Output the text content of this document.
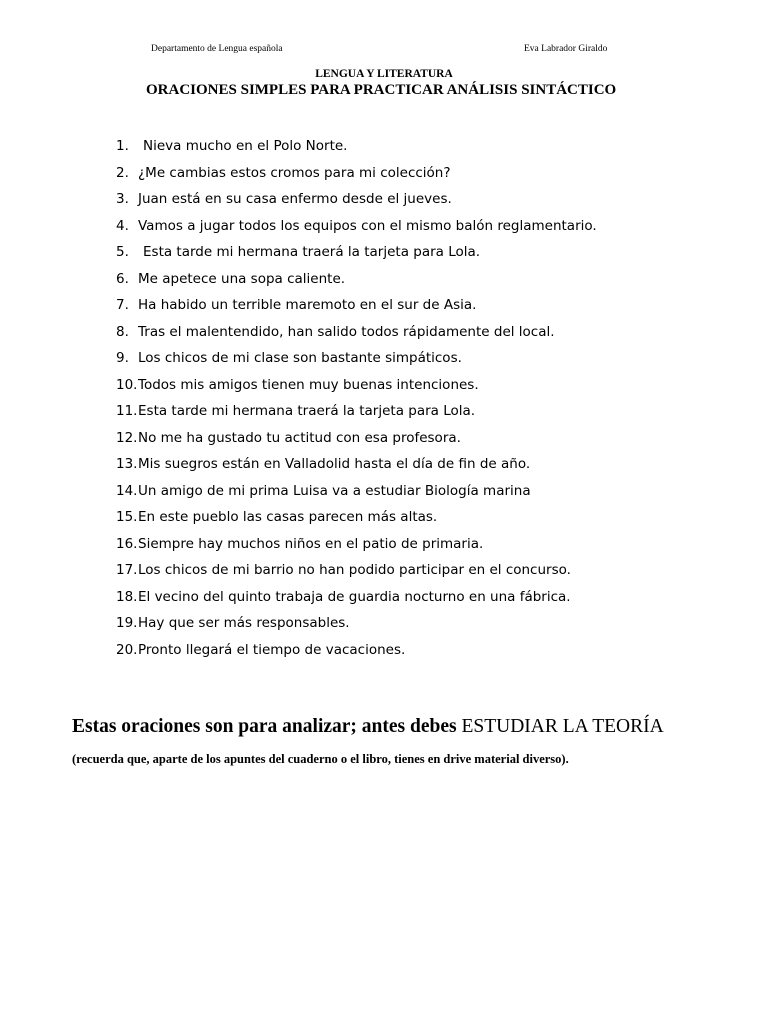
Departamento de Lengua española	Eva Labrador Giraldo
LENGUA Y LITERATURA
ORACIONES SIMPLES PARA PRACTICAR ANÁLISIS SINTÁCTICO
1. Nieva mucho en el Polo Norte.
2. ¿Me cambias estos cromos para mi colección?
3. Juan está en su casa enfermo desde el jueves.
4. Vamos a jugar todos los equipos con el mismo balón reglamentario.
5. Esta tarde mi hermana traerá la tarjeta para Lola.
6. Me apetece una sopa caliente.
7. Ha habido un terrible maremoto en el sur de Asia.
8. Tras el malentendido, han salido todos rápidamente del local.
9. Los chicos de mi clase son bastante simpáticos.
10. Todos mis amigos tienen muy buenas intenciones.
11. Esta tarde mi hermana traerá la tarjeta para Lola.
12. No me ha gustado tu actitud con esa profesora.
13. Mis suegros están en Valladolid hasta el día de fin de año.
14. Un amigo de mi prima Luisa va a estudiar Biología marina
15. En este pueblo las casas parecen más altas.
16. Siempre hay muchos niños en el patio de primaria.
17. Los chicos de mi barrio no han podido participar en el concurso.
18. El vecino del quinto trabaja de guardia nocturno en una fábrica.
19. Hay que ser más responsables.
20. Pronto llegará el tiempo de vacaciones.
Estas oraciones son para analizar; antes debes ESTUDIAR LA TEORÍA
(recuerda que, aparte de los apuntes del cuaderno o el libro, tienes en drive material diverso).
